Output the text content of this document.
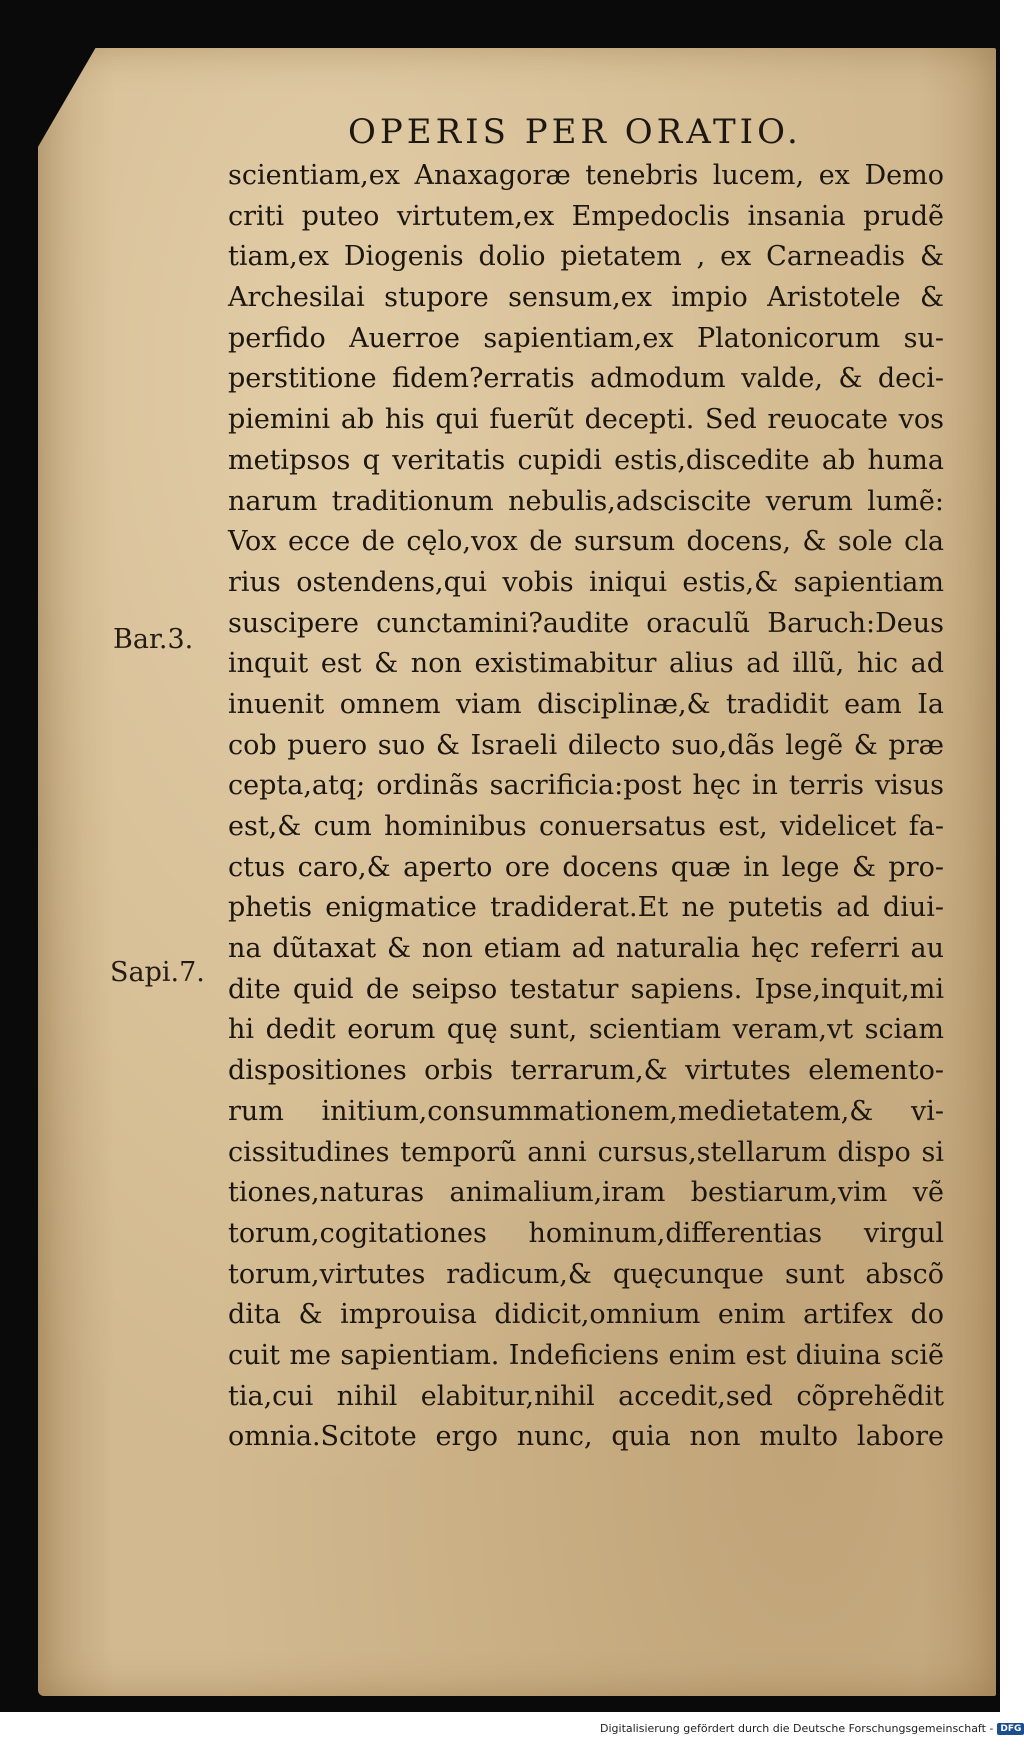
OPERIS PER ORATIO.
Bar.3.
Sapi.7.
scientiam,ex Anaxagoræ tenebris lucem, ex Demo
criti puteo virtutem,ex Empedoclis insania prudẽ
tiam,ex Diogenis dolio pietatem , ex Carneadis &
Archesilai stupore sensum,ex impio Aristotele &
perfido Auerroe sapientiam,ex Platonicorum su-
perstitione fidem?erratis admodum valde, & deci-
piemini ab his qui fuerũt decepti. Sed reuocate vos
metipsos q veritatis cupidi estis,discedite ab huma
narum traditionum nebulis,adsciscite verum lumẽ:
Vox ecce de cęlo,vox de sursum docens, & sole cla
rius ostendens,qui vobis iniqui estis,& sapientiam
suscipere cunctamini?audite oraculũ Baruch:Deus
inquit est & non existimabitur alius ad illũ, hic ad
inuenit omnem viam disciplinæ,& tradidit eam Ia
cob puero suo & Israeli dilecto suo,dãs legẽ & præ
cepta,atq; ordinãs sacrificia:post hęc in terris visus
est,& cum hominibus conuersatus est, videlicet fa-
ctus caro,& aperto ore docens quæ in lege & pro-
phetis enigmatice tradiderat.Et ne putetis ad diui-
na dũtaxat & non etiam ad naturalia hęc referri au
dite quid de seipso testatur sapiens. Ipse,inquit,mi
hi dedit eorum quę sunt, scientiam veram,vt sciam
dispositiones orbis terrarum,& virtutes elemento-
rum initium,consummationem,medietatem,& vi-
cissitudines temporũ anni cursus,stellarum dispo si
tiones,naturas animalium,iram bestiarum,vim vẽ
torum,cogitationes hominum,differentias virgul
torum,virtutes radicum,& quęcunque sunt abscõ
dita & improuisa didicit,omnium enim artifex do
cuit me sapientiam. Indeficiens enim est diuina sciẽ
tia,cui nihil elabitur,nihil accedit,sed cõprehẽdit
omnia.Scitote ergo nunc, quia non multo labore
Digitalisierung gefördert durch die Deutsche Forschungsgemeinschaft - DFG
